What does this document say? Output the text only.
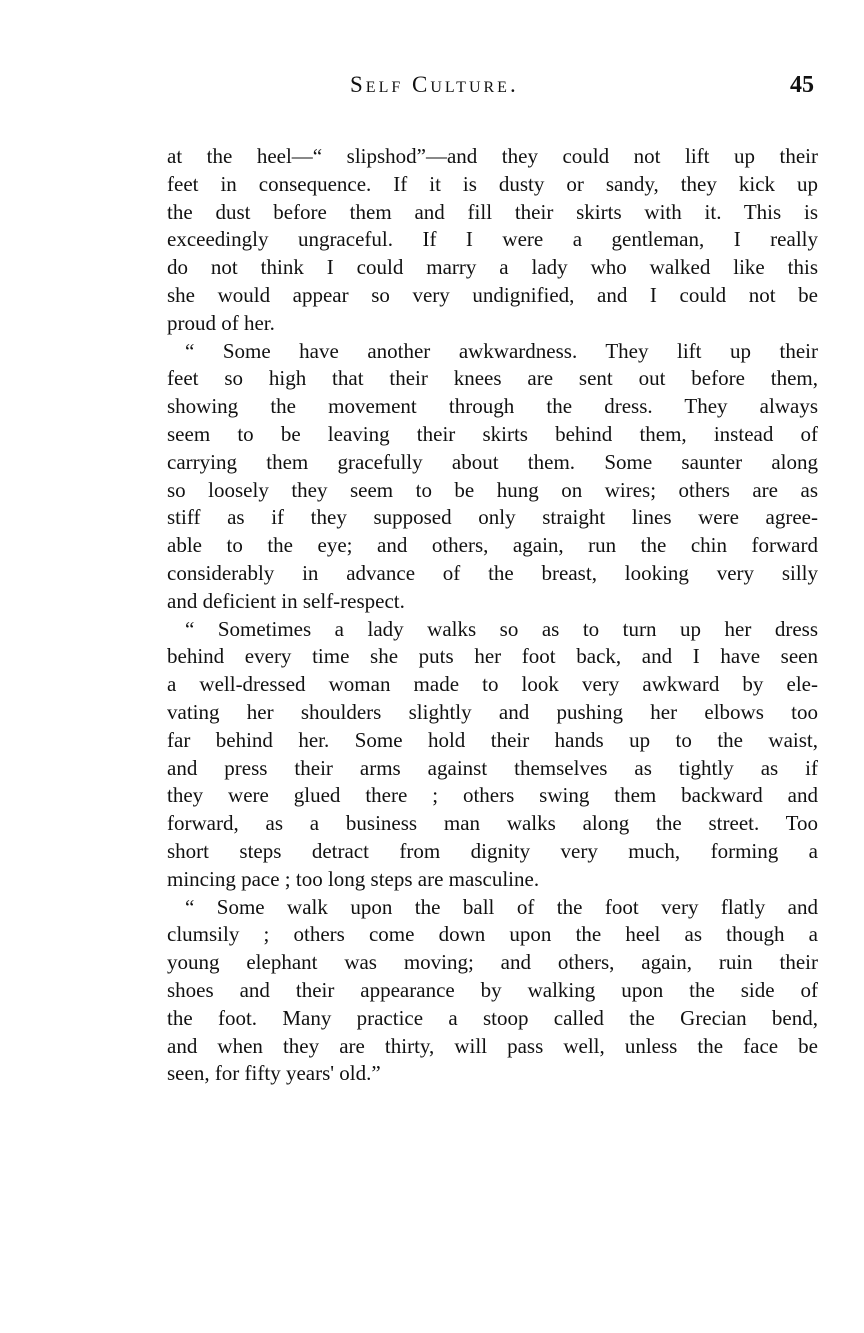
Self Culture.	45
at the heel—“ slipshod”—and they could not lift up their
feet in consequence. If it is dusty or sandy, they kick up
the dust before them and fill their skirts with it. This is
exceedingly ungraceful. If I were a gentleman, I really
do not think I could marry a lady who walked like this
she would appear so very undignified, and I could not be
proud of her.
“ Some have another awkwardness. They lift up their
feet so high that their knees are sent out before them,
showing the movement through the dress. They always
seem to be leaving their skirts behind them, instead of
carrying them gracefully about them. Some saunter along
so loosely they seem to be hung on wires; others are as
stiff as if they supposed only straight lines were agree-
able to the eye; and others, again, run the chin forward
considerably in advance of the breast, looking very silly
and deficient in self-respect.
“ Sometimes a lady walks so as to turn up her dress
behind every time she puts her foot back, and I have seen
a well-dressed woman made to look very awkward by ele-
vating her shoulders slightly and pushing her elbows too
far behind her. Some hold their hands up to the waist,
and press their arms against themselves as tightly as if
they were glued there ; others swing them backward and
forward, as a business man walks along the street. Too
short steps detract from dignity very much, forming a
mincing pace ; too long steps are masculine.
“ Some walk upon the ball of the foot very flatly and
clumsily ; others come down upon the heel as though a
young elephant was moving; and others, again, ruin their
shoes and their appearance by walking upon the side of
the foot. Many practice a stoop called the Grecian bend,
and when they are thirty, will pass well, unless the face be
seen, for fifty years' old.”
